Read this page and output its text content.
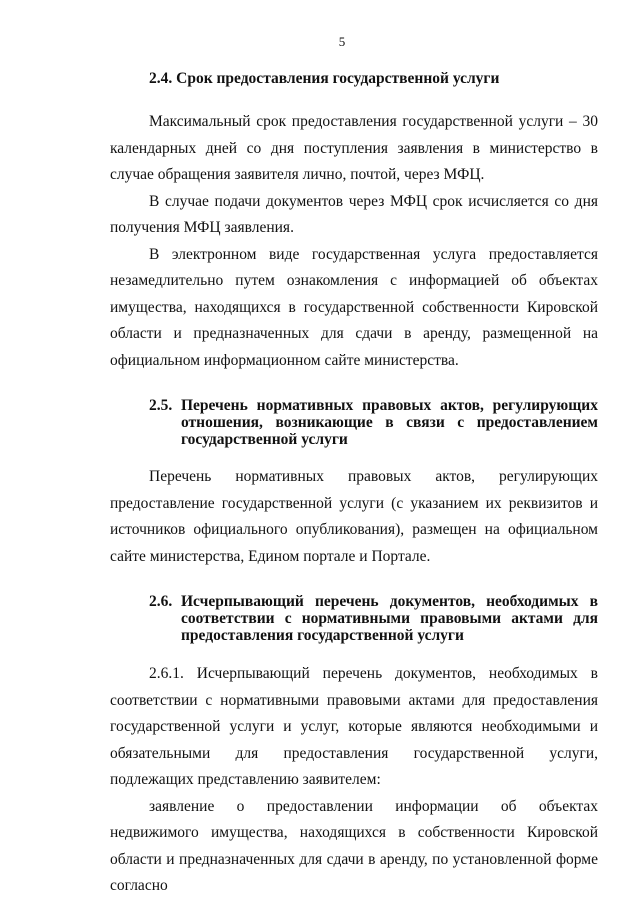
5

2.4. Срок предоставления государственной услуги

Максимальный срок предоставления государственной услуги – 30 календарных дней со дня поступления заявления в министерство в случае обращения заявителя лично, почтой, через МФЦ.

В случае подачи документов через МФЦ срок исчисляется со дня получения МФЦ заявления.

В электронном виде государственная услуга предоставляется незамедлительно путем ознакомления с информацией об объектах имущества, находящихся в государственной собственности Кировской области и предназначенных для сдачи в аренду, размещенной на официальном информационном сайте министерства.

2.5. Перечень нормативных правовых актов, регулирующих отношения, возникающие в связи с предоставлением государственной услуги

Перечень нормативных правовых актов, регулирующих предоставление государственной услуги (с указанием их реквизитов и источников официального опубликования), размещен на официальном сайте министерства, Едином портале и Портале.

2.6. Исчерпывающий перечень документов, необходимых в соответствии с нормативными правовыми актами для предоставления государственной услуги

2.6.1. Исчерпывающий перечень документов, необходимых в соответствии с нормативными правовыми актами для предоставления государственной услуги и услуг, которые являются необходимыми и обязательными для предоставления государственной услуги, подлежащих представлению заявителем:

заявление о предоставлении информации об объектах недвижимого имущества, находящихся в собственности Кировской области и предназначенных для сдачи в аренду, по установленной форме согласно
